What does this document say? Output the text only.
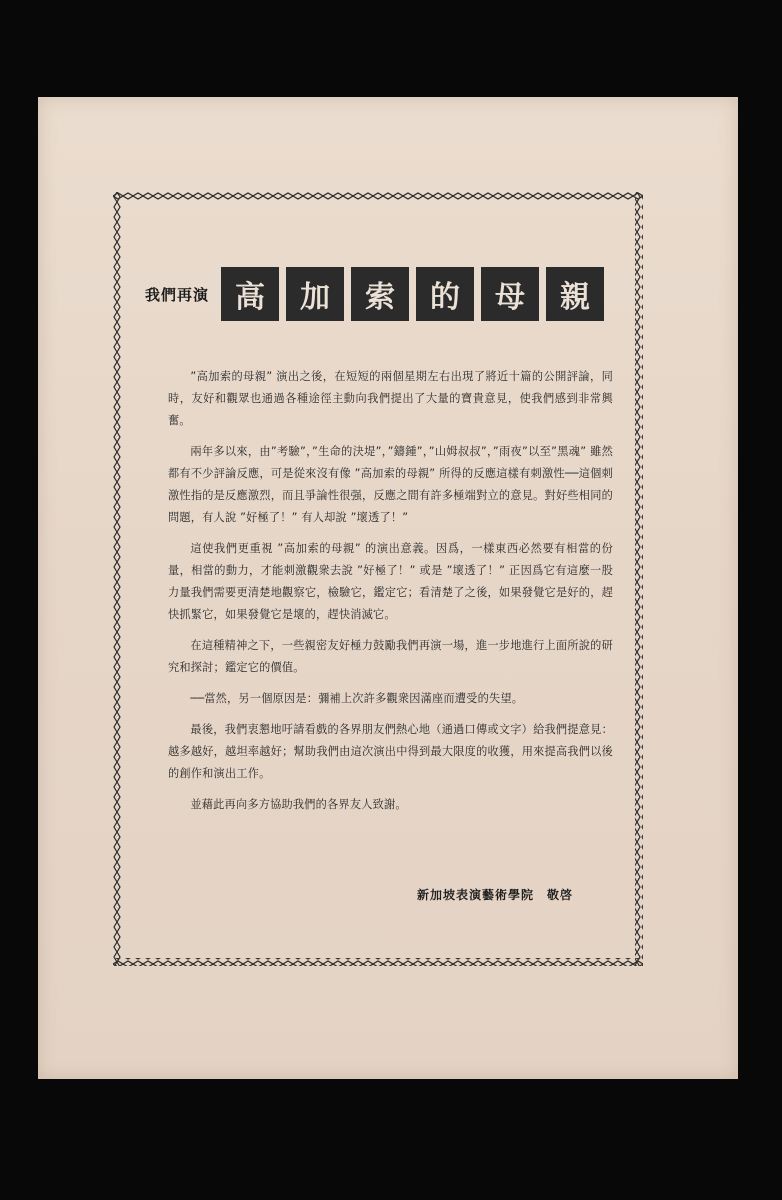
我們再演 高	加	索	的	母	親

”高加索的母親” 演出之後，在短短的兩個星期左右出現了將近十篇的公開評論，同時，友好和觀眾也通過各種途徑主動向我們提出了大量的寶貴意見，使我們感到非常興奮。

兩年多以來，由”考驗”，”生命的決堤”，”鑄鍾”，”山姆叔叔”，”雨夜”以至”黑魂” 雖然都有不少評論反應，可是從來沒有像 ”高加索的母親” 所得的反應這樣有刺激性──這個刺激性指的是反應激烈，而且爭論性很强，反應之間有許多極端對立的意見。對好些相同的問題，有人說 ”好極了！” 有人却說 ”壞透了！”

這使我們更重視 ”高加索的母親” 的演出意義。因爲，一樣東西必然要有相當的份量，相當的動力，才能刺激觀衆去說 ”好極了！” 或是 ”壞透了！” 正因爲它有這麼一股力量我們需要更清楚地觀察它，檢驗它，鑑定它；看清楚了之後，如果發覺它是好的，趕快抓緊它，如果發覺它是壞的，趕快消滅它。

在這種精神之下，一些親密友好極力鼓勵我們再演一場，進一步地進行上面所說的研究和探討；鑑定它的價值。

──當然，另一個原因是：彌補上次許多觀衆因滿座而遭受的失望。

最後，我們衷懇地吁請看戲的各界朋友們熱心地（通過口傳或文字）給我們提意見：越多越好，越坦率越好；幫助我們由這次演出中得到最大限度的收獲，用來提高我們以後的創作和演出工作。

並藉此再向多方協助我們的各界友人致謝。

新加坡表演藝術學院　敬啓
